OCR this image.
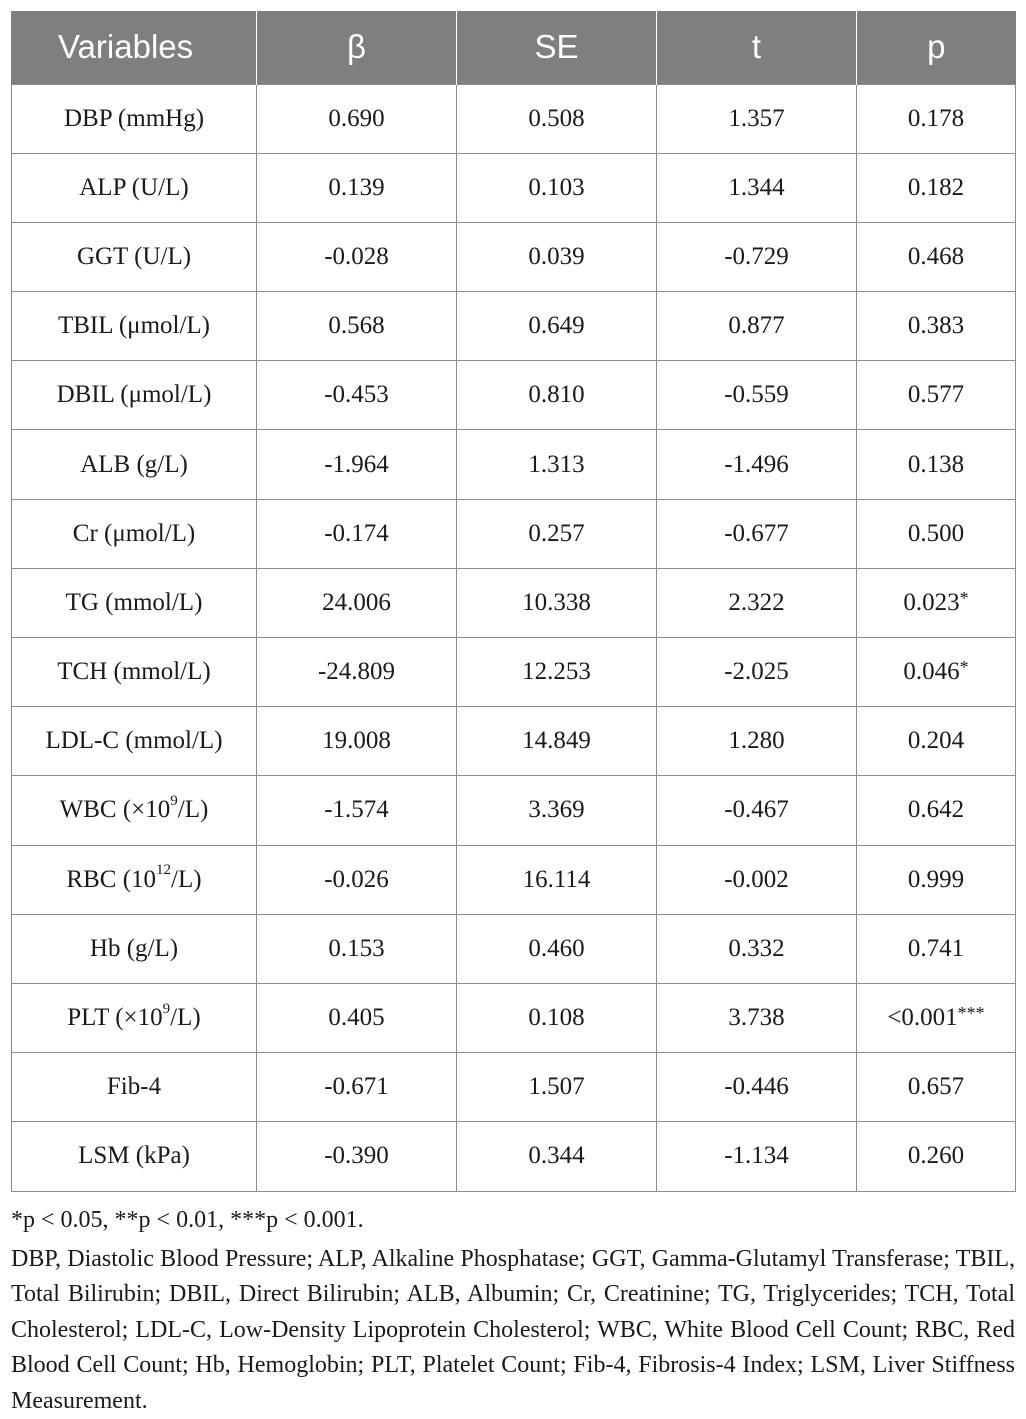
Variables	β	SE	t	p
DBP (mmHg)	0.690	0.508	1.357	0.178
ALP (U/L)	0.139	0.103	1.344	0.182
GGT (U/L)	-0.028	0.039	-0.729	0.468
TBIL (μmol/L)	0.568	0.649	0.877	0.383
DBIL (μmol/L)	-0.453	0.810	-0.559	0.577
ALB (g/L)	-1.964	1.313	-1.496	0.138
Cr (μmol/L)	-0.174	0.257	-0.677	0.500
TG (mmol/L)	24.006	10.338	2.322	0.023*
TCH (mmol/L)	-24.809	12.253	-2.025	0.046*
LDL-C (mmol/L)	19.008	14.849	1.280	0.204
WBC $(\times 10^9/L)$	-1.574	3.369	-0.467	0.642
RBC $(10^{12}/L)$	-0.026	16.114	-0.002	0.999
Hb (g/L)	0.153	0.460	0.332	0.741
PLT $(\times 10^9/L)$	0.405	0.108	3.738	<0.001***
Fib-4	-0.671	1.507	-0.446	0.657
LSM (kPa)	-0.390	0.344	-1.134	0.260

*p < 0.05, **p < 0.01, ***p < 0.001.

DBP, Diastolic Blood Pressure; ALP, Alkaline Phosphatase; GGT, Gamma-Glutamyl Transferase; TBIL, Total Bilirubin; DBIL, Direct Bilirubin; ALB, Albumin; Cr, Creatinine; TG, Triglycerides; TCH, Total Cholesterol; LDL-C, Low-Density Lipoprotein Cholesterol; WBC, White Blood Cell Count; RBC, Red Blood Cell Count; Hb, Hemoglobin; PLT, Platelet Count; Fib-4, Fibrosis-4 Index; LSM, Liver Stiffness Measurement.
